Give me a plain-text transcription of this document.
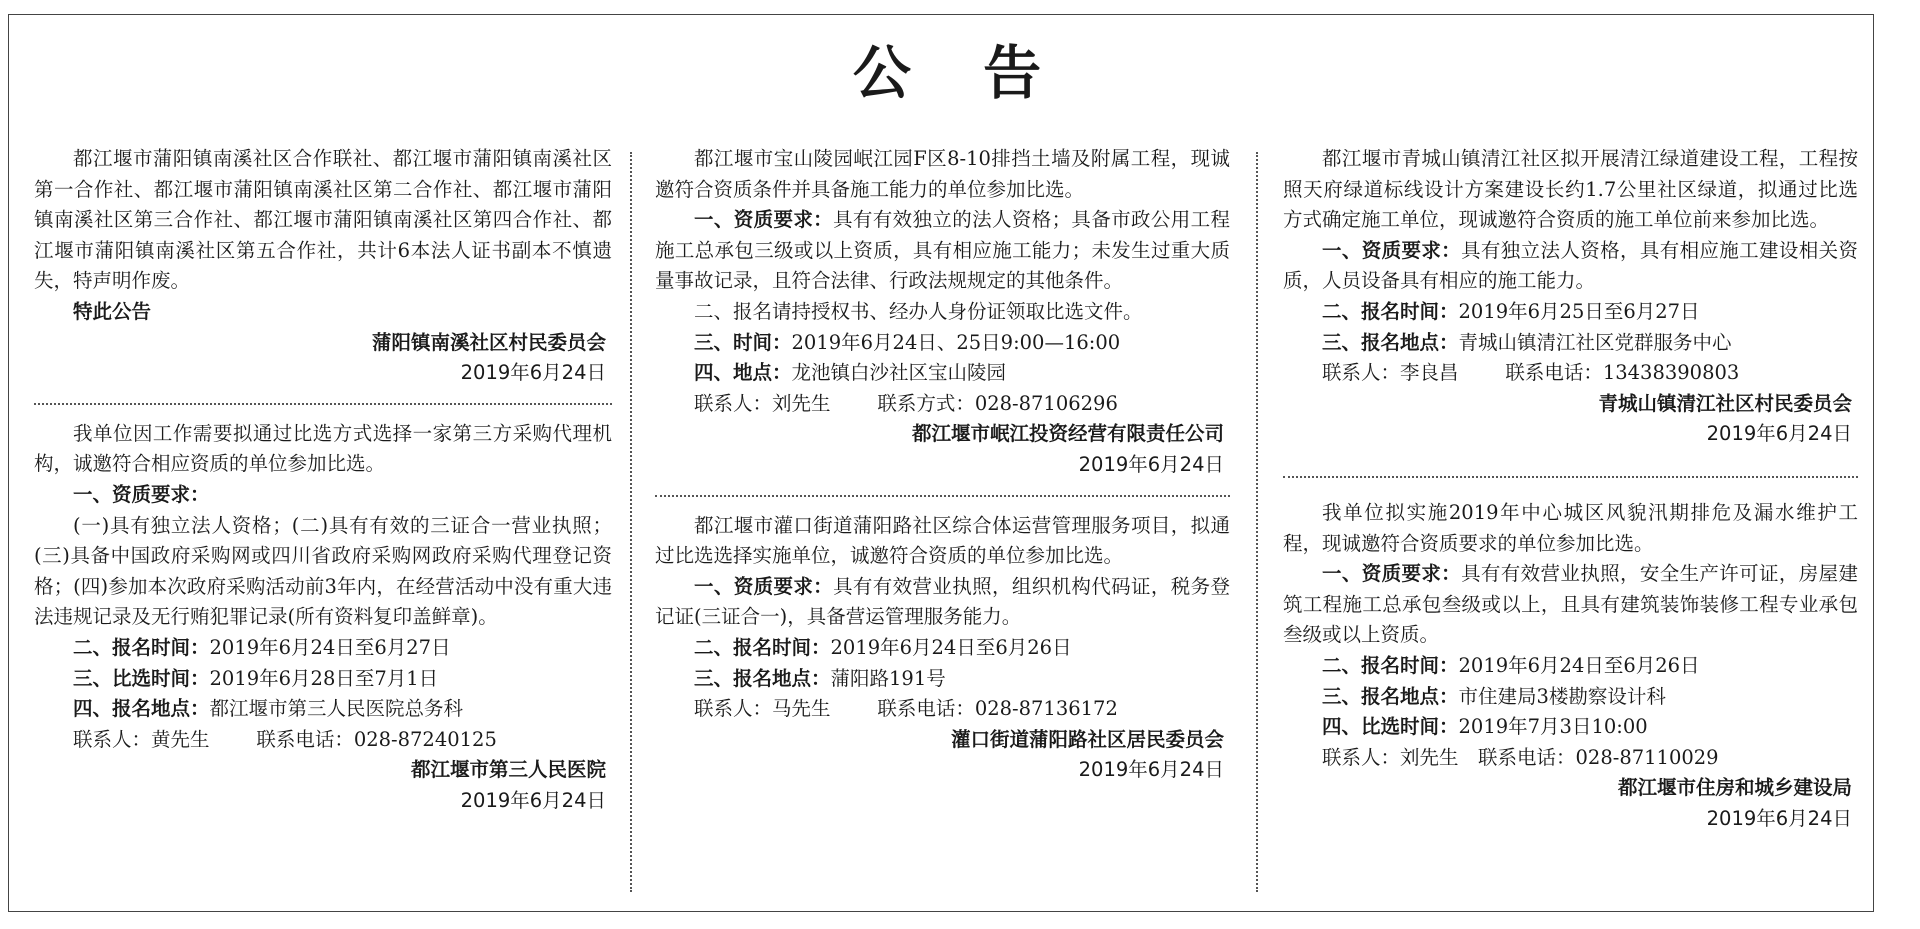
公 告

都江堰市蒲阳镇南溪社区合作联社、都江堰市蒲阳镇南溪社区第一合作社、都江堰市蒲阳镇南溪社区第二合作社、都江堰市蒲阳镇南溪社区第三合作社、都江堰市蒲阳镇南溪社区第四合作社、都江堰市蒲阳镇南溪社区第五合作社，共计6本法人证书副本不慎遗失，特声明作废。

特此公告

蒲阳镇南溪社区村民委员会

2019年6月24日

我单位因工作需要拟通过比选方式选择一家第三方采购代理机构，诚邀符合相应资质的单位参加比选。

一、资质要求：

(一)具有独立法人资格；(二)具有有效的三证合一营业执照；(三)具备中国政府采购网或四川省政府采购网政府采购代理登记资格；(四)参加本次政府采购活动前3年内，在经营活动中没有重大违法违规记录及无行贿犯罪记录(所有资料复印盖鲜章)。

二、报名时间：2019年6月24日至6月27日

三、比选时间：2019年6月28日至7月1日

四、报名地点：都江堰市第三人民医院总务科

联系人：黄先生 联系电话：028-87240125

都江堰市第三人民医院

2019年6月24日

都江堰市宝山陵园岷江园F区8-10排挡土墙及附属工程，现诚邀符合资质条件并具备施工能力的单位参加比选。

一、资质要求：具有有效独立的法人资格；具备市政公用工程施工总承包三级或以上资质，具有相应施工能力；未发生过重大质量事故记录，且符合法律、行政法规规定的其他条件。

二、报名请持授权书、经办人身份证领取比选文件。

三、时间：2019年6月24日、25日9:00—16:00

四、地点：龙池镇白沙社区宝山陵园

联系人：刘先生 联系方式：028-87106296

都江堰市岷江投资经营有限责任公司

2019年6月24日

都江堰市灌口街道蒲阳路社区综合体运营管理服务项目，拟通过比选选择实施单位，诚邀符合资质的单位参加比选。

一、资质要求：具有有效营业执照，组织机构代码证，税务登记证(三证合一)，具备营运管理服务能力。

二、报名时间：2019年6月24日至6月26日

三、报名地点：蒲阳路191号

联系人：马先生 联系电话：028-87136172

灌口街道蒲阳路社区居民委员会

2019年6月24日

都江堰市青城山镇清江社区拟开展清江绿道建设工程，工程按照天府绿道标线设计方案建设长约1.7公里社区绿道，拟通过比选方式确定施工单位，现诚邀符合资质的施工单位前来参加比选。

一、资质要求：具有独立法人资格，具有相应施工建设相关资质，人员设备具有相应的施工能力。

二、报名时间：2019年6月25日至6月27日

三、报名地点：青城山镇清江社区党群服务中心

联系人：李良昌 联系电话：13438390803

青城山镇清江社区村民委员会

2019年6月24日

我单位拟实施2019年中心城区风貌汛期排危及漏水维护工程，现诚邀符合资质要求的单位参加比选。

一、资质要求：具有有效营业执照，安全生产许可证，房屋建筑工程施工总承包叁级或以上，且具有建筑装饰装修工程专业承包叁级或以上资质。

二、报名时间：2019年6月24日至6月26日

三、报名地点：市住建局3楼勘察设计科

四、比选时间：2019年7月3日10:00

联系人：刘先生 联系电话：028-87110029

都江堰市住房和城乡建设局

2019年6月24日
